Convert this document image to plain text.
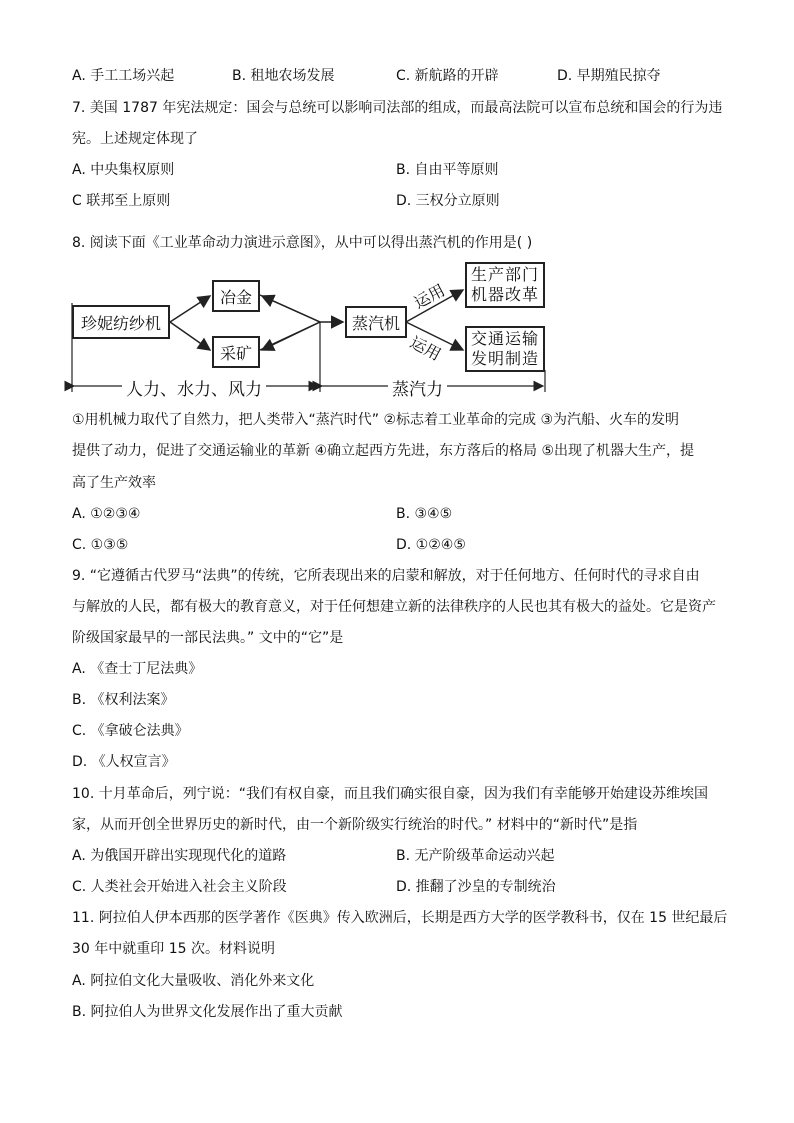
A. 手工工场兴起	B. 租地农场发展	C. 新航路的开辟	D. 早期殖民掠夺
7. 美国 1787 年宪法规定：国会与总统可以影响司法部的组成，而最高法院可以宣布总统和国会的行为违
宪。上述规定体现了
A. 中央集权原则	B. 自由平等原则
C 联邦至上原则	D. 三权分立原则
8. 阅读下面《工业革命动力演进示意图》，从中可以得出蒸汽机的作用是( )
珍妮纺纱机
冶金
采矿
蒸汽机
生产部门
机器改革
交通运输
发明制造
运用
运用
人力、水力、风力	蒸汽力
①用机械力取代了自然力，把人类带入“蒸汽时代” ②标志着工业革命的完成 ③为汽船、火车的发明
提供了动力，促进了交通运输业的革新 ④确立起西方先进，东方落后的格局 ⑤出现了机器大生产，提
高了生产效率
A. ①②③④	B. ③④⑤
C. ①③⑤	D. ①②④⑤
9. “它遵循古代罗马“法典”的传统，它所表现出来的启蒙和解放，对于任何地方、任何时代的寻求自由
与解放的人民，都有极大的教育意义，对于任何想建立新的法律秩序的人民也其有极大的益处。它是资产
阶级国家最早的一部民法典。” 文中的“它”是
A. 《查士丁尼法典》
B. 《权利法案》
C. 《拿破仑法典》
D. 《人权宣言》
10. 十月革命后，列宁说：“我们有权自豪，而且我们确实很自豪，因为我们有幸能够开始建设苏维埃国
家，从而开创全世界历史的新时代，由一个新阶级实行统治的时代。” 材料中的“新时代”是指
A. 为俄国开辟出实现现代化的道路	B. 无产阶级革命运动兴起
C. 人类社会开始进入社会主义阶段	D. 推翻了沙皇的专制统治
11. 阿拉伯人伊本西那的医学著作《医典》传入欧洲后，长期是西方大学的医学教科书，仅在 15 世纪最后
30 年中就重印 15 次。材料说明
A. 阿拉伯文化大量吸收、消化外来文化
B. 阿拉伯人为世界文化发展作出了重大贡献
